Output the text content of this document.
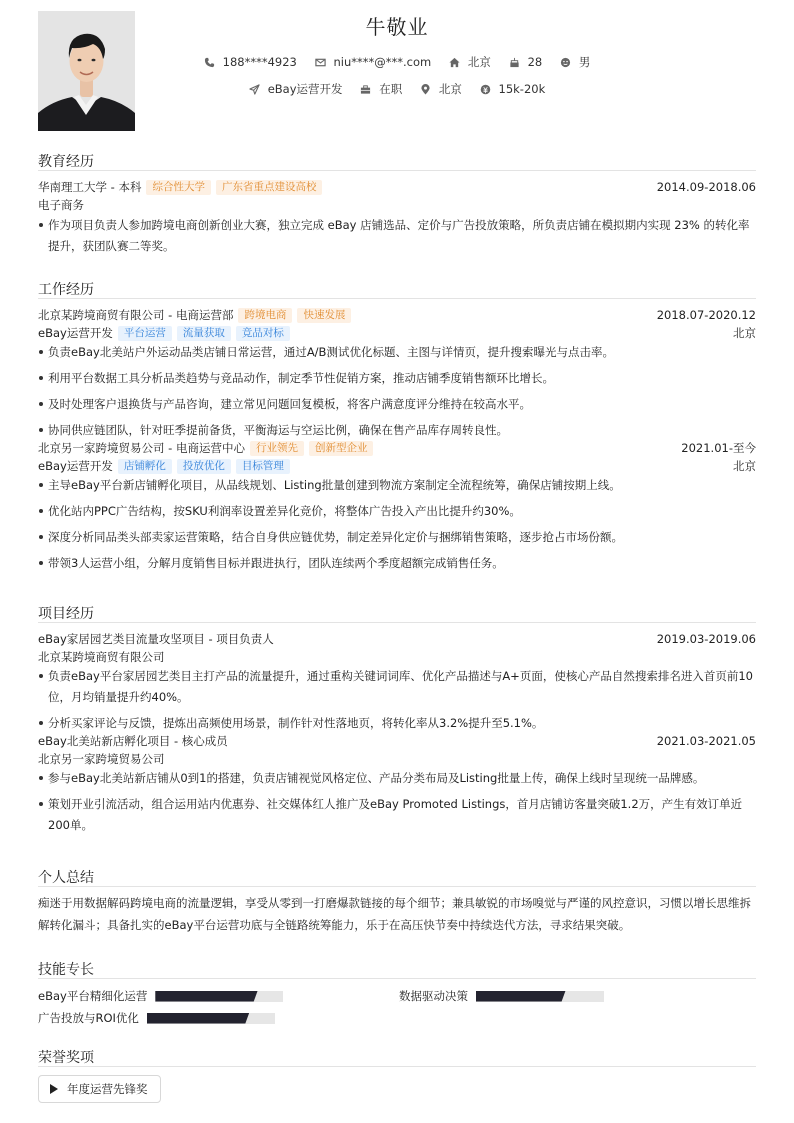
牛敬业
188****4923
	niu****@***.com
	北京
	28
	男
eBay运营开发
	在职
	北京
	15k-20k
教育经历
华南理工大学 - 本科 综合性大学 广东省重点建设高校	2014.09-2018.06
电子商务
作为项目负责人参加跨境电商创新创业大赛，独立完成 eBay 店铺选品、定价与广告投放策略，所负责店铺在模拟期内实现 23% 的转化率提升，获团队赛二等奖。
工作经历
北京某跨境商贸有限公司 - 电商运营部 跨境电商 快速发展	2018.07-2020.12
eBay运营开发 平台运营 流量获取 竞品对标	北京
负责eBay北美站户外运动品类店铺日常运营，通过A/B测试优化标题、主图与详情页，提升搜索曝光与点击率。
利用平台数据工具分析品类趋势与竞品动作，制定季节性促销方案，推动店铺季度销售额环比增长。
及时处理客户退换货与产品咨询，建立常见问题回复模板，将客户满意度评分维持在较高水平。
协同供应链团队，针对旺季提前备货，平衡海运与空运比例，确保在售产品库存周转良性。
北京另一家跨境贸易公司 - 电商运营中心 行业领先 创新型企业	2021.01-至今
eBay运营开发 店铺孵化 投放优化 目标管理	北京
主导eBay平台新店铺孵化项目，从品线规划、Listing批量创建到物流方案制定全流程统筹，确保店铺按期上线。
优化站内PPC广告结构，按SKU利润率设置差异化竞价，将整体广告投入产出比提升约30%。
深度分析同品类头部卖家运营策略，结合自身供应链优势，制定差异化定价与捆绑销售策略，逐步抢占市场份额。
带领3人运营小组，分解月度销售目标并跟进执行，团队连续两个季度超额完成销售任务。
项目经历
eBay家居园艺类目流量攻坚项目 - 项目负责人	2019.03-2019.06
北京某跨境商贸有限公司
负责eBay平台家居园艺类目主打产品的流量提升，通过重构关键词词库、优化产品描述与A+页面，使核心产品自然搜索排名进入首页前10位，月均销量提升约40%。
分析买家评论与反馈，提炼出高频使用场景，制作针对性落地页，将转化率从3.2%提升至5.1%。
eBay北美站新店孵化项目 - 核心成员	2021.03-2021.05
北京另一家跨境贸易公司
参与eBay北美站新店铺从0到1的搭建，负责店铺视觉风格定位、产品分类布局及Listing批量上传，确保上线时呈现统一品牌感。
策划开业引流活动，组合运用站内优惠券、社交媒体红人推广及eBay Promoted Listings，首月店铺访客量突破1.2万，产生有效订单近200单。
个人总结
痴迷于用数据解码跨境电商的流量逻辑，享受从零到一打磨爆款链接的每个细节；兼具敏锐的市场嗅觉与严谨的风控意识，习惯以增长思维拆解转化漏斗；具备扎实的eBay平台运营功底与全链路统筹能力，乐于在高压快节奏中持续迭代方法，寻求结果突破。
技能专长
eBay平台精细化运营	数据驱动决策
广告投放与ROI优化
荣誉奖项
年度运营先锋奖
